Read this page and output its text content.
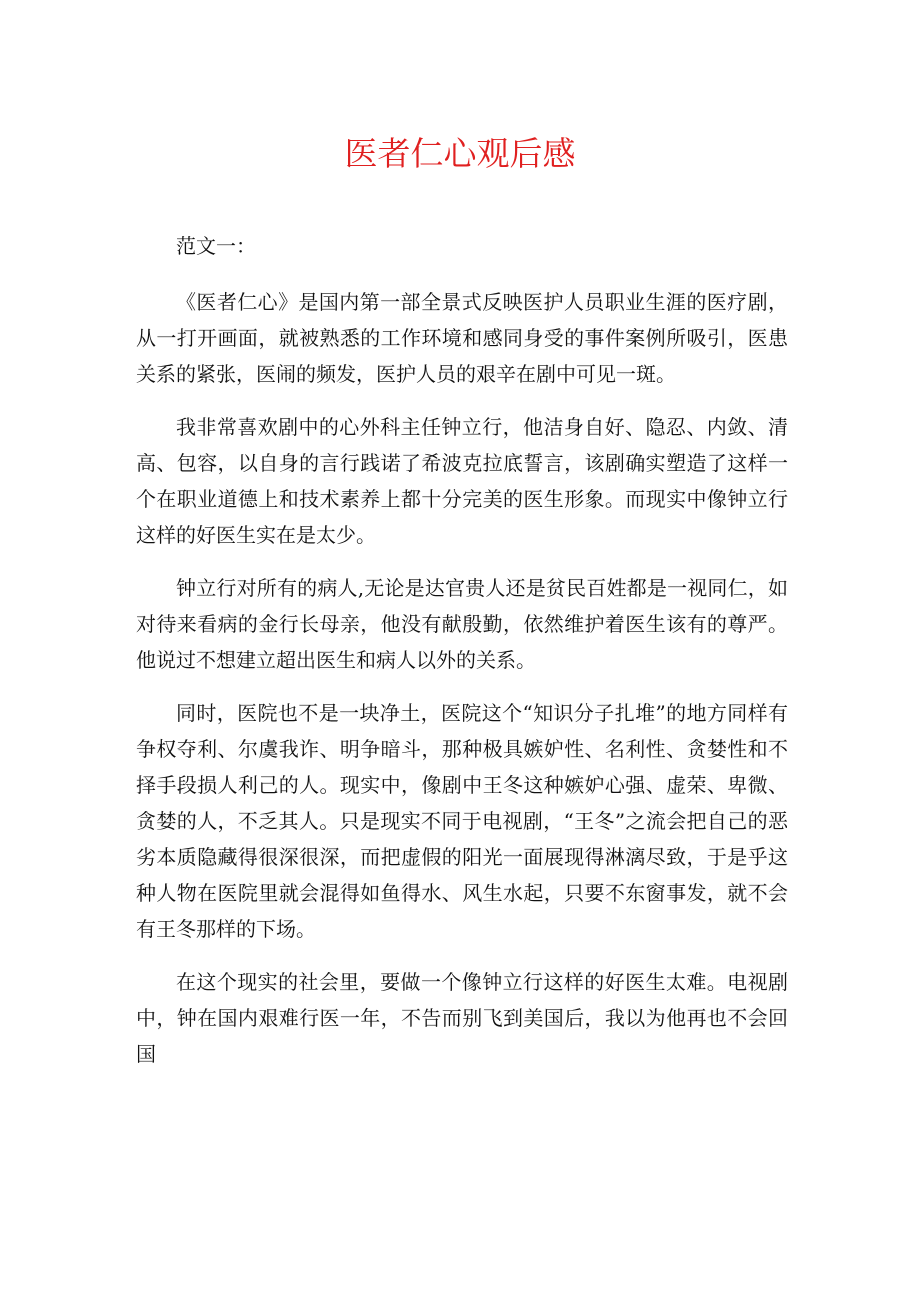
医者仁心观后感

范文一：

《医者仁心》是国内第一部全景式反映医护人员职业生涯的医疗剧，从一打开画面，就被熟悉的工作环境和感同身受的事件案例所吸引，医患关系的紧张，医闹的频发，医护人员的艰辛在剧中可见一斑。

我非常喜欢剧中的心外科主任钟立行，他洁身自好、隐忍、内敛、清高、包容，以自身的言行践诺了希波克拉底誓言，该剧确实塑造了这样一个在职业道德上和技术素养上都十分完美的医生形象。而现实中像钟立行这样的好医生实在是太少。

钟立行对所有的病人,无论是达官贵人还是贫民百姓都是一视同仁，如对待来看病的金行长母亲，他没有献殷勤，依然维护着医生该有的尊严。他说过不想建立超出医生和病人以外的关系。

同时，医院也不是一块净土，医院这个“知识分子扎堆”的地方同样有争权夺利、尔虞我诈、明争暗斗，那种极具嫉妒性、名利性、贪婪性和不择手段损人利己的人。现实中，像剧中王冬这种嫉妒心强、虚荣、卑微、贪婪的人，不乏其人。只是现实不同于电视剧，“王冬”之流会把自己的恶劣本质隐藏得很深很深，而把虚假的阳光一面展现得淋漓尽致，于是乎这种人物在医院里就会混得如鱼得水、风生水起，只要不东窗事发，就不会有王冬那样的下场。

在这个现实的社会里，要做一个像钟立行这样的好医生太难。电视剧中，钟在国内艰难行医一年，不告而别飞到美国后，我以为他再也不会回国
